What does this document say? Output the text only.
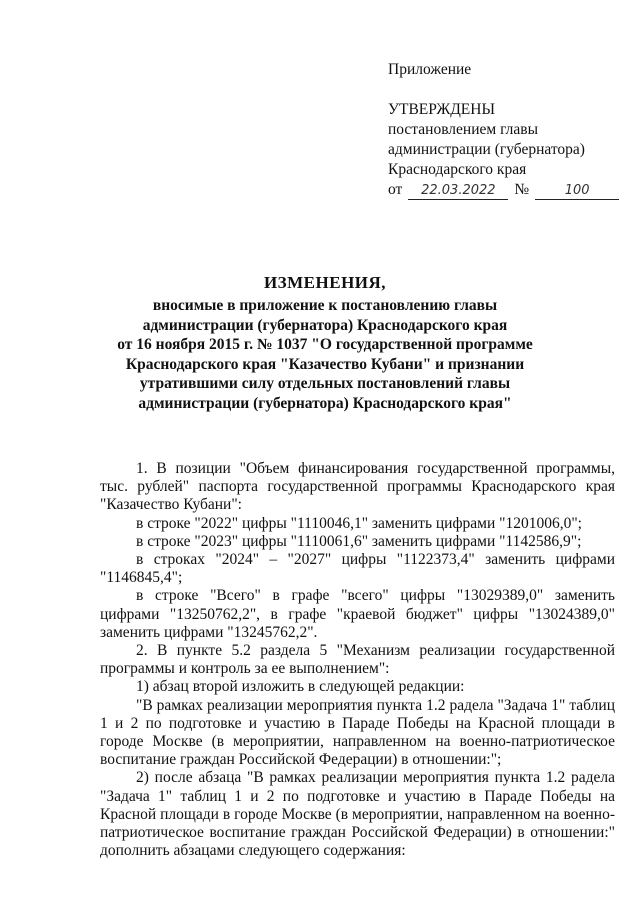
Приложение
УТВЕРЖДЕНЫ
постановлением главы
администрации (губернатора)
Краснодарского края
от	22.03.2022	№	100
ИЗМЕНЕНИЯ,
вносимые в приложение к постановлению главы
администрации (губернатора) Краснодарского края
от 16 ноября 2015 г. № 1037 "О государственной программе
Краснодарского края "Казачество Кубани" и признании
утратившими силу отдельных постановлений главы
администрации (губернатора) Краснодарского края"

1. В позиции "Объем финансирования государственной программы, тыс. рублей" паспорта государственной программы Краснодарского края "Казачество Кубани":

в строке "2022" цифры "1110046,1" заменить цифрами "1201006,0";

в строке "2023" цифры "1110061,6" заменить цифрами "1142586,9";

в строках "2024" – "2027" цифры "1122373,4" заменить цифрами "1146845,4";

в строке "Всего" в графе "всего" цифры "13029389,0" заменить цифрами "13250762,2", в графе "краевой бюджет" цифры "13024389,0" заменить цифрами "13245762,2".

2. В пункте 5.2 раздела 5 "Механизм реализации государственной программы и контроль за ее выполнением":

1) абзац второй изложить в следующей редакции:

"В рамках реализации мероприятия пункта 1.2 радела "Задача 1" таблиц 1 и 2 по подготовке и участию в Параде Победы на Красной площади в городе Москве (в мероприятии, направленном на военно-патриотическое воспитание граждан Российской Федерации) в отношении:";

2) после абзаца "В рамках реализации мероприятия пункта 1.2 радела "Задача 1" таблиц 1 и 2 по подготовке и участию в Параде Победы на Красной площади в городе Москве (в мероприятии, направленном на военно-патриотическое воспитание граждан Российской Федерации) в отношении:" дополнить абзацами следующего содержания:
